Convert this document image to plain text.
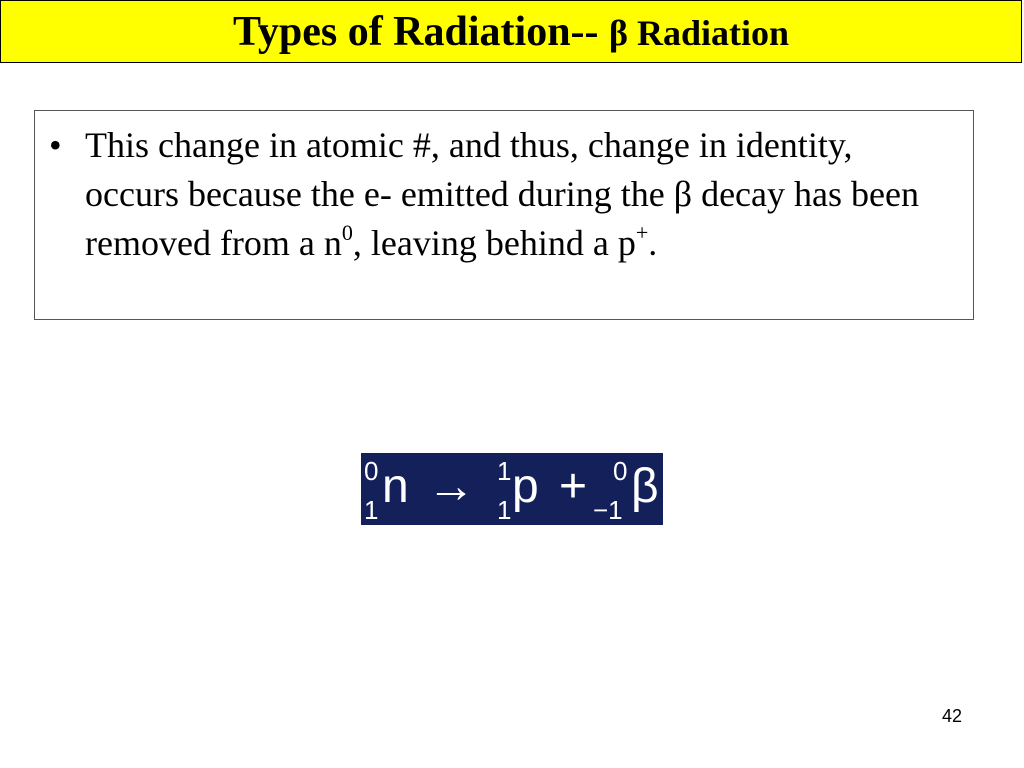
Types of Radiation-- β Radiation
• This change in atomic #, and thus, change in identity, occurs because the e- emitted during the β decay has been removed from a $n^0$, leaving behind a p+.
0
1 n → 1
1 p + 0
−1 β
42
